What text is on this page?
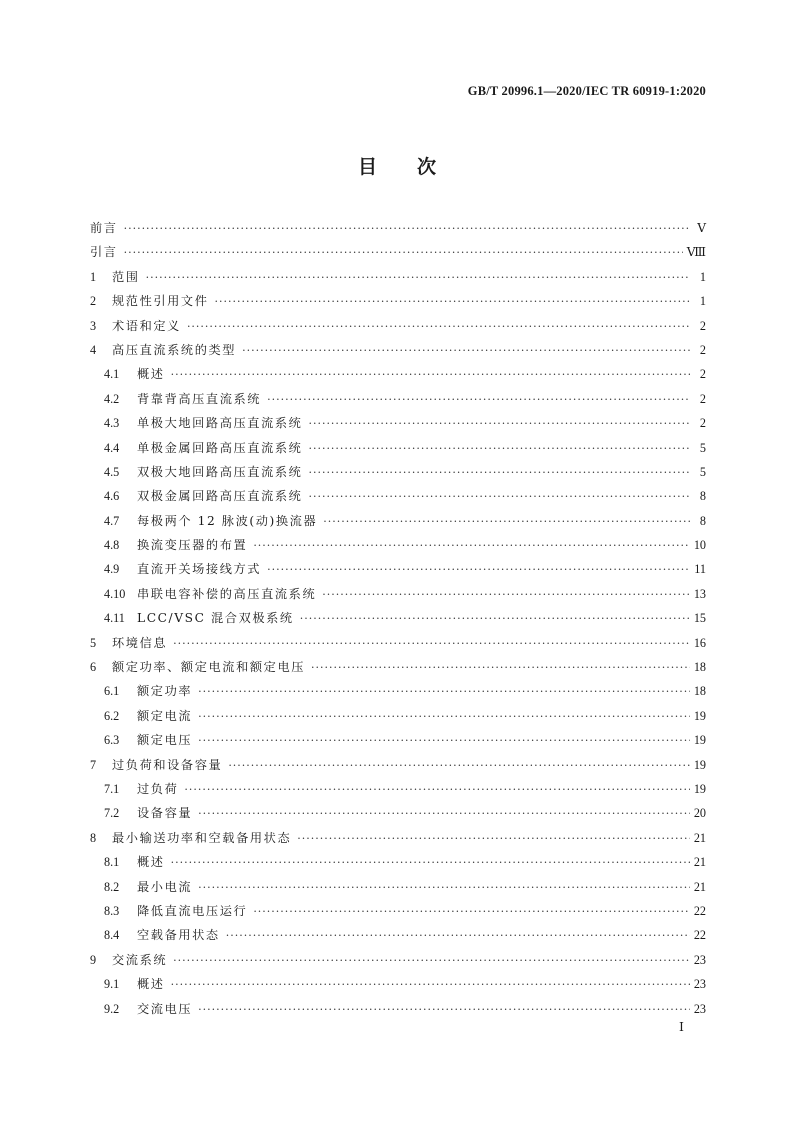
GB/T 20996.1—2020/IEC TR 60919-1:2020
目次
前言 ·····	Ⅴ
引言 ·····	Ⅷ
1	范围 ·····	1
2	规范性引用文件 ·····	1
3	术语和定义 ·····	2
4	高压直流系统的类型 ·····	2
4.1	概述 ·····	2
4.2	背靠背高压直流系统 ·····	2
4.3	单极大地回路高压直流系统 ·····	2
4.4	单极金属回路高压直流系统 ·····	5
4.5	双极大地回路高压直流系统 ·····	5
4.6	双极金属回路高压直流系统 ·····	8
4.7	每极两个 12 脉波(动)换流器 ·····	8
4.8	换流变压器的布置 ·····	10
4.9	直流开关场接线方式 ·····	11
4.10 串联电容补偿的高压直流系统 ·····	13
4.11 LCC/VSC 混合双极系统 ·····	15
5	环境信息 ·····	16
6	额定功率、额定电流和额定电压 ·····	18
6.1	额定功率 ·····	18
6.2	额定电流 ·····	19
6.3	额定电压 ·····	19
7	过负荷和设备容量 ·····	19
7.1	过负荷 ·····	19
7.2	设备容量 ·····	20
8	最小输送功率和空载备用状态 ·····	21
8.1	概述 ·····	21
8.2	最小电流 ·····	21
8.3	降低直流电压运行 ·····	22
8.4	空载备用状态 ·····	22
9	交流系统 ·····	23
9.1	概述 ·····	23
9.2	交流电压 ·····	23
Ⅰ
